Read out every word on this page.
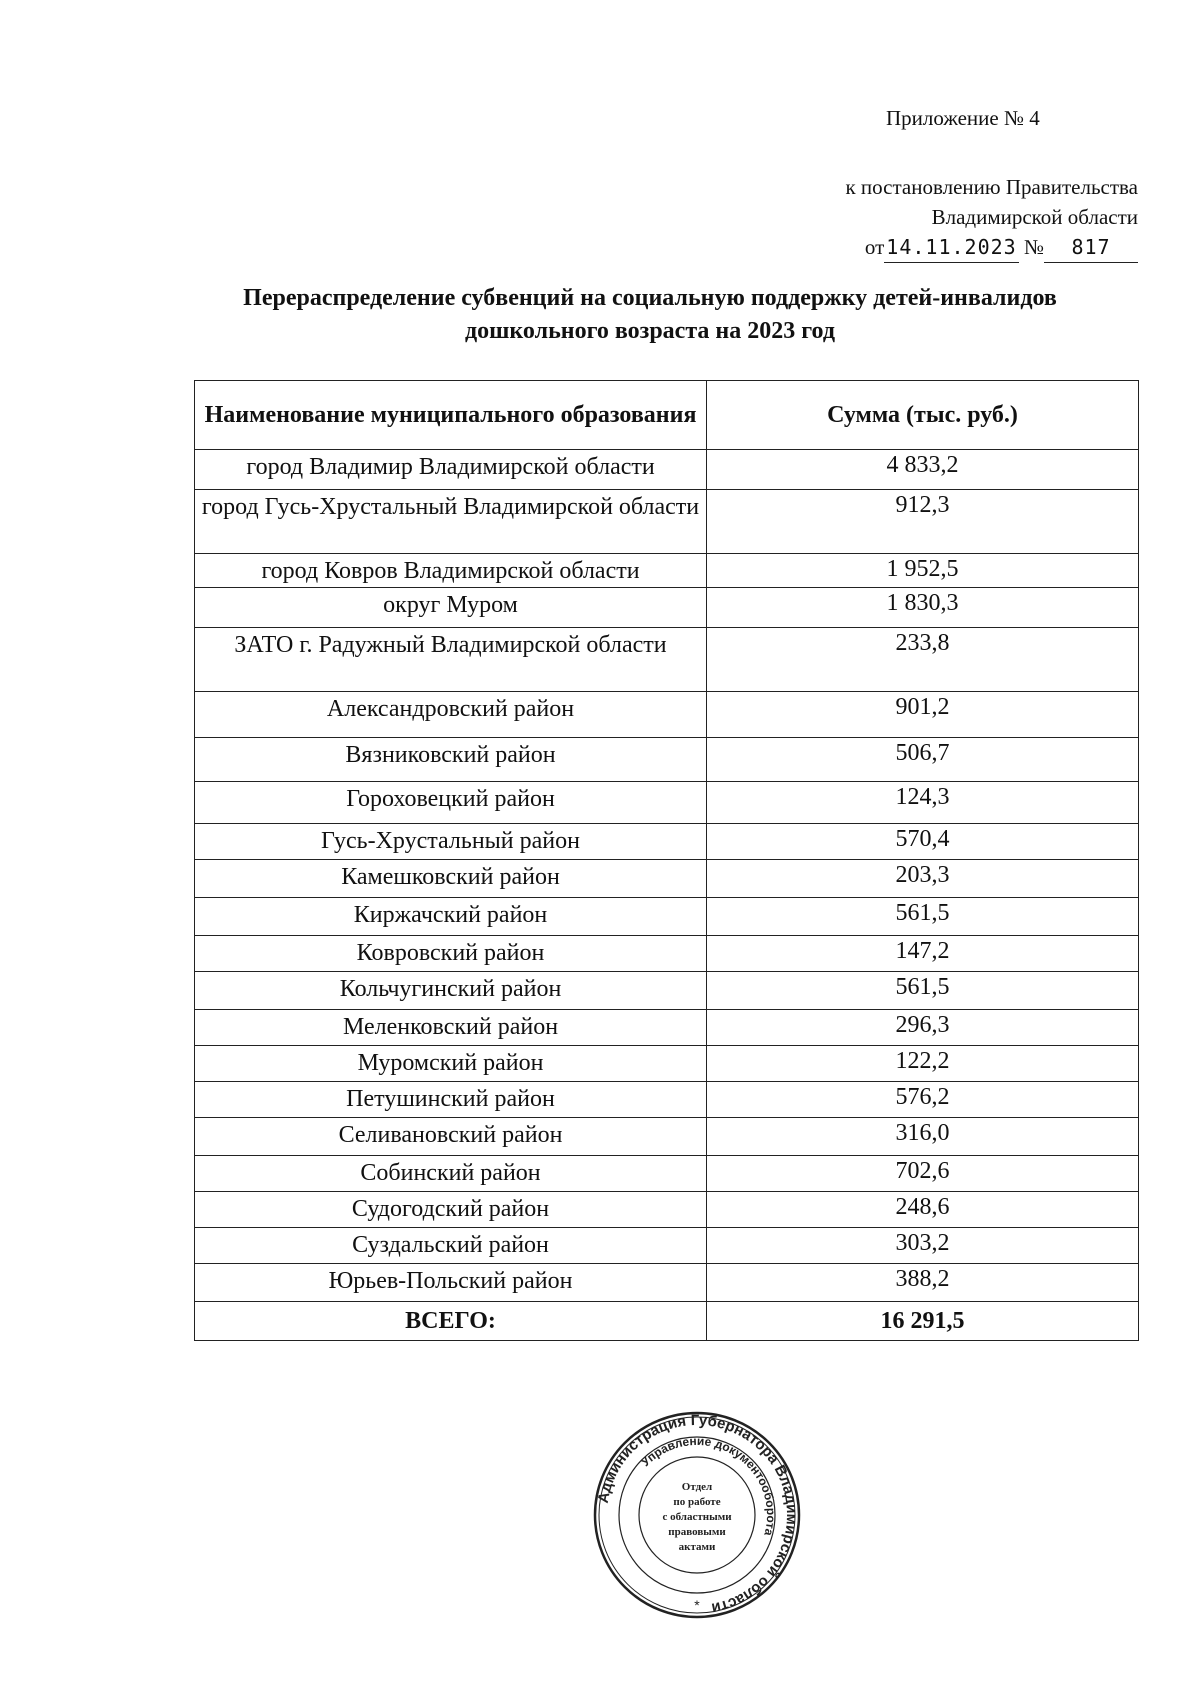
Приложение № 4
к постановлению Правительства
Владимирской области
от 14.11.2023 № 817
Перераспределение субвенций на социальную поддержку детей-инвалидов
дошкольного возраста на 2023 год
Наименование муниципального образования	Сумма (тыс. руб.)
город Владимир Владимирской области	4 833,2
город Гусь-Хрустальный Владимирской области	912,3
город Ковров Владимирской области	1 952,5
округ Муром	1 830,3
ЗАТО г. Радужный Владимирской области	233,8
Александровский район	901,2
Вязниковский район	506,7
Гороховецкий район	124,3
Гусь-Хрустальный район	570,4
Камешковский район	203,3
Киржачский район	561,5
Ковровский район	147,2
Кольчугинский район	561,5
Меленковский район	296,3
Муромский район	122,2
Петушинский район	576,2
Селивановский район	316,0
Собинский район	702,6
Судогодский район	248,6
Суздальский район	303,2
Юрьев-Польский район	388,2
ВСЕГО:	16 291,5
Администрация Губернатора Владимирской области
Управление документооборота
Отдел
по работе
с областными
правовыми
актами
*
